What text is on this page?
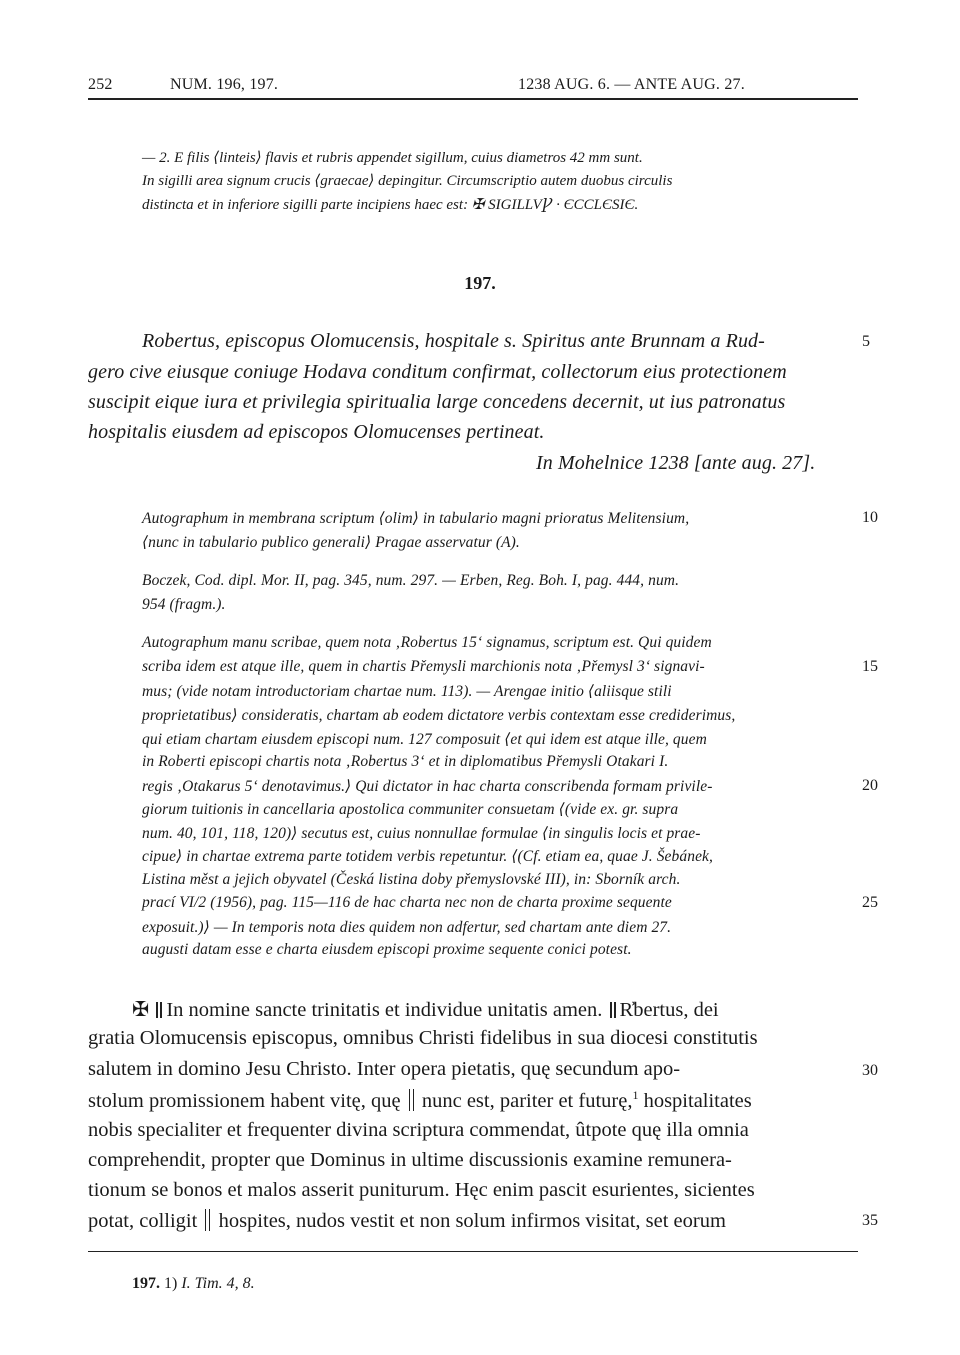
252	NUM. 196, 197.	1238 AUG. 6. — ANTE AUG. 27.
— 2. E filis ⟨linteis⟩ flavis et rubris appendet sigillum, cuius diametros 42 mm sunt.
In sigilli area signum crucis ⟨graecae⟩ depingitur. Circumscriptio autem duobus circulis
distincta et in inferiore sigilli parte incipiens haec est: ✠ SIGILLVꝨ · ЄCCLЄSIЄ.
197.
Robertus, episcopus Olomucensis, hospitale s. Spiritus ante Brunnam a Rud-
gero cive eiusque coniuge Hodava conditum confirmat, collectorum eius protectionem
suscipit eique iura et privilegia spiritualia large concedens decernit, ut ius patronatus
hospitalis eiusdem ad episcopos Olomucenses pertineat.
In Mohelnice 1238 [ante aug. 27].
Autographum in membrana scriptum ⟨olim⟩ in tabulario magni prioratus Melitensium,
⟨nunc in tabulario publico generali⟩ Pragae asservatur (A).
Boczek, Cod. dipl. Mor. II, pag. 345, num. 297. — Erben, Reg. Boh. I, pag. 444, num.
954 (fragm.).
Autographum manu scribae, quem nota ‚Robertus 15‘ signamus, scriptum est. Qui quidem
scriba idem est atque ille, quem in chartis Přemysli marchionis nota ‚Přemysl 3‘ signavi-
mus; (vide notam introductoriam chartae num. 113). — Arengae initio ⟨aliisque stili
proprietatibus⟩ consideratis, chartam ab eodem dictatore verbis contextam esse crediderimus,
qui etiam chartam eiusdem episcopi num. 127 composuit ⟨et qui idem est atque ille, quem
in Roberti episcopi chartis nota ‚Robertus 3‘ et in diplomatibus Přemysli Otakari I.
regis ‚Otakarus 5‘ denotavimus.⟩ Qui dictator in hac charta conscribenda formam privile-
giorum tuitionis in cancellaria apostolica communiter consuetam ⟨(vide ex. gr. supra
num. 40, 101, 118, 120)⟩ secutus est, cuius nonnullae formulae ⟨in singulis locis et prae-
cipue⟩ in chartae extrema parte totidem verbis repetuntur. ⟨(Cf. etiam ea, quae J. Šebánek,
Listina měst a jejich obyvatel (Česká listina doby přemyslovské III), in: Sborník arch.
prací VI/2 (1956), pag. 115—116 de hac charta nec non de charta proxime sequente
exposuit.)⟩ — In temporis nota dies quidem non adfertur, sed chartam ante diem 27.
augusti datam esse e charta eiusdem episcopi proxime sequente conici potest.
✠ In nomine sancte trinitatis et individue unitatis amen. R͐bertus, dei
gratia Olomucensis episcopus, omnibus Christi fidelibus in sua diocesi constitutis
salutem in domino Jesu Christo. Inter opera pietatis, quę secundum apo-
stolum promissionem habent vitę, quę nunc est, pariter et futurę,$^1$ hospitalitates
nobis specialiter et frequenter divina scriptura commendat, ûtpote quę illa omnia
comprehendit, propter que Dominus in ultime discussionis examine remunera-
tionum se bonos et malos asserit puniturum. Hęc enim pascit esurientes, sicientes
potat, colligit hospites, nudos vestit et non solum infirmos visitat, set eorum
5
10
15
20
25
30
35
197. 1) I. Tim. 4, 8.
